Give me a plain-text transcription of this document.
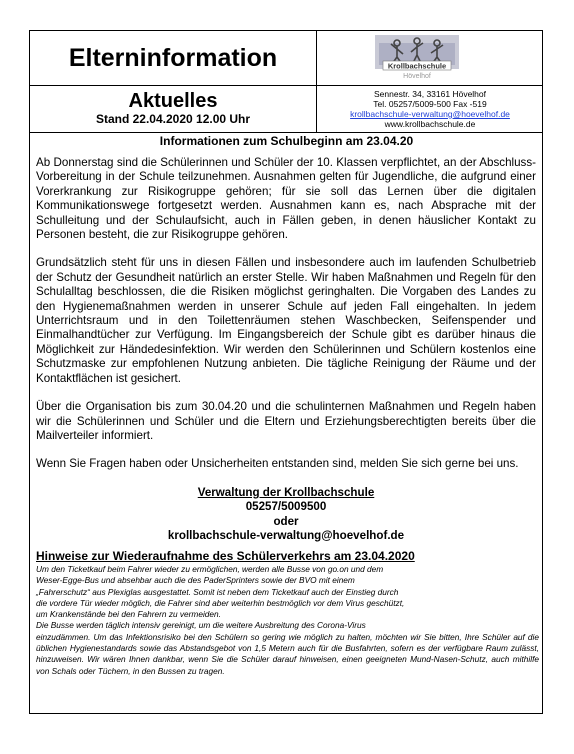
Elterninformation	Krollbachschule
Hövelhof
Aktuelles
Stand 22.04.2020 12.00 Uhr
Sennestr. 34, 33161 Hövelhof
Tel. 05257/5009-500 Fax -519
krollbachschule-verwaltung@hoevelhof.de
www.krollbachschule.de
Informationen zum Schulbeginn am 23.04.20

Ab Donnerstag sind die Schülerinnen und Schüler der 10. Klassen verpflichtet, an der Abschluss-Vorbereitung in der Schule teilzunehmen. Ausnahmen gelten für Jugendliche, die aufgrund einer Vorerkrankung zur Risikogruppe gehören; für sie soll das Lernen über die digitalen Kommunikationswege fortgesetzt werden. Ausnahmen kann es, nach Absprache mit der Schulleitung und der Schulaufsicht, auch in Fällen geben, in denen häuslicher Kontakt zu Personen besteht, die zur Risikogruppe gehören.

Grundsätzlich steht für uns in diesen Fällen und insbesondere auch im laufenden Schulbetrieb der Schutz der Gesundheit natürlich an erster Stelle. Wir haben Maßnahmen und Regeln für den Schulalltag beschlossen, die die Risiken möglichst geringhalten. Die Vorgaben des Landes zu den Hygienemaßnahmen werden in unserer Schule auf jeden Fall eingehalten. In jedem Unterrichtsraum und in den Toilettenräumen stehen Waschbecken, Seifenspender und Einmalhandtücher zur Verfügung. Im Eingangsbereich der Schule gibt es darüber hinaus die Möglichkeit zur Händedesinfektion. Wir werden den Schülerinnen und Schülern kostenlos eine Schutzmaske zur empfohlenen Nutzung anbieten. Die tägliche Reinigung der Räume und der Kontaktflächen ist gesichert.

Über die Organisation bis zum 30.04.20 und die schulinternen Maßnahmen und Regeln haben wir die Schülerinnen und Schüler und die Eltern und Erziehungsberechtigten bereits über die Mailverteiler informiert.

Wenn Sie Fragen haben oder Unsicherheiten entstanden sind, melden Sie sich gerne bei uns.

Verwaltung der Krollbachschule
05257/5009500
oder
krollbachschule-verwaltung@hoevelhof.de
Hinweise zur Wiederaufnahme des Schülerverkehrs am 23.04.2020
Um den Ticketkauf beim Fahrer wieder zu ermöglichen, werden alle Busse von go.on und dem
Weser-Egge-Bus und absehbar auch die des PaderSprinters sowie der BVO mit einem
„Fahrerschutz“ aus Plexiglas ausgestattet. Somit ist neben dem Ticketkauf auch der Einstieg durch
die vordere Tür wieder möglich, die Fahrer sind aber weiterhin bestmöglich vor dem Virus geschützt,
um Krankenstände bei den Fahrern zu vermeiden.
Die Busse werden täglich intensiv gereinigt, um die weitere Ausbreitung des Corona-Virus
einzudämmen. Um das Infektionsrisiko bei den Schülern so gering wie möglich zu halten, möchten wir Sie bitten, Ihre Schüler auf die üblichen Hygienestandards sowie das Abstandsgebot von 1,5 Metern auch für die Busfahrten, sofern es der verfügbare Raum zulässt, hinzuweisen. Wir wären Ihnen dankbar, wenn Sie die Schüler darauf hinweisen, einen geeigneten Mund-Nasen-Schutz, auch mithilfe von Schals oder Tüchern, in den Bussen zu tragen.
